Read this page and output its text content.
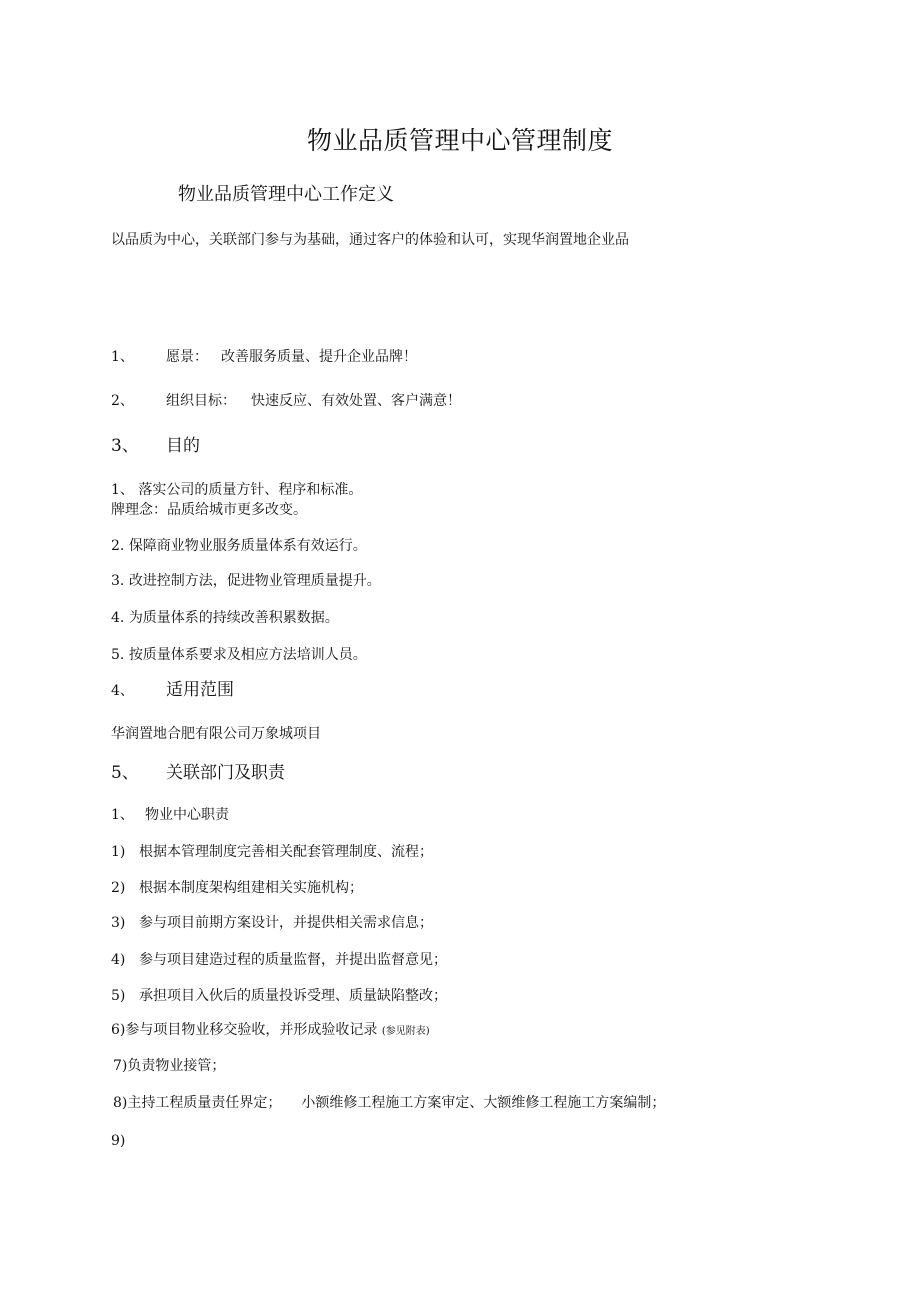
物业品质管理中心管理制度
物业品质管理中心工作定义
以品质为中心，关联部门参与为基础，通过客户的体验和认可，实现华润置地企业品
1、 愿景： 改善服务质量、提升企业品牌！
2、 组织目标： 快速反应、有效处置、客户满意！
3、 目的
1、 落实公司的质量方针、程序和标准。
牌理念：品质给城市更多改变。
2. 保障商业物业服务质量体系有效运行。
3. 改进控制方法，促进物业管理质量提升。
4. 为质量体系的持续改善积累数据。
5. 按质量体系要求及相应方法培训人员。
4、 适用范围
华润置地合肥有限公司万象城项目
5、 关联部门及职责
1、 物业中心职责
1) 根据本管理制度完善相关配套管理制度、流程；
2) 根据本制度架构组建相关实施机构；
3) 参与项目前期方案设计，并提供相关需求信息；
4) 参与项目建造过程的质量监督，并提出监督意见；
5) 承担项目入伙后的质量投诉受理、质量缺陷整改；
6)参与项目物业移交验收，并形成验收记录 (参见附表)
7)负责物业接管；
8)主持工程质量责任界定； 小额维修工程施工方案审定、大额维修工程施工方案编制；
9)
